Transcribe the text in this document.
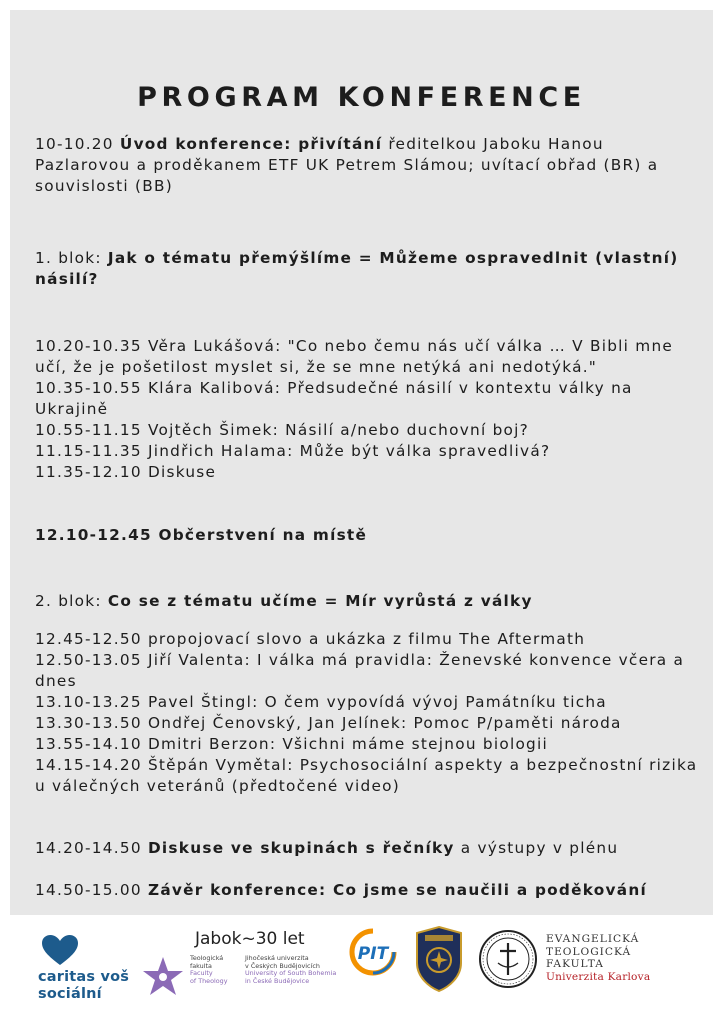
PROGRAM KONFERENCE

10-10.20 Úvod konference: přivítání ředitelkou Jaboku Hanou Pazlarovou a proděkanem ETF UK Petrem Slámou; uvítací obřad (BR) a souvislosti (BB)

1. blok: Jak o tématu přemýšlíme = Můžeme ospravedlnit (vlastní) násilí?

10.20-10.35 Věra Lukášová: "Co nebo čemu nás učí válka … V Bibli mne učí, že je pošetilost myslet si, že se mne netýká ani nedotýká."

10.35-10.55 Klára Kalibová: Předsudečné násilí v kontextu války na Ukrajině

10.55-11.15 Vojtěch Šimek: Násilí a/nebo duchovní boj?

11.15-11.35 Jindřich Halama: Může být válka spravedlivá?

11.35-12.10 Diskuse

12.10-12.45 Občerstvení na místě

2. blok: Co se z tématu učíme = Mír vyrůstá z války

12.45-12.50 propojovací slovo a ukázka z filmu The Aftermath

12.50-13.05 Jiří Valenta: I válka má pravidla: Ženevské konvence včera a dnes

13.10-13.25 Pavel Štingl: O čem vypovídá vývoj Památníku ticha

13.30-13.50 Ondřej Čenovský, Jan Jelínek: Pomoc P/paměti národa

13.55-14.10 Dmitri Berzon: Všichni máme stejnou biologii

14.15-14.20 Štěpán Vymětal: Psychosociální aspekty a bezpečnostní rizika u válečných veteránů (předtočené video)

14.20-14.50 Diskuse ve skupinách s řečníky a výstupy v plénu

14.50-15.00 Závěr konference: Co jsme se naučili a poděkování

caritas voš
sociální
Jabok~30 let
Teologická
fakulta
Faculty
of Theology
Jihočeská univerzita
v Českých Budějovicích
University of South Bohemia
in České Budějovice
PIT
EVANGELICKÁ
TEOLOGICKÁ
FAKULTA
Univerzita Karlova
